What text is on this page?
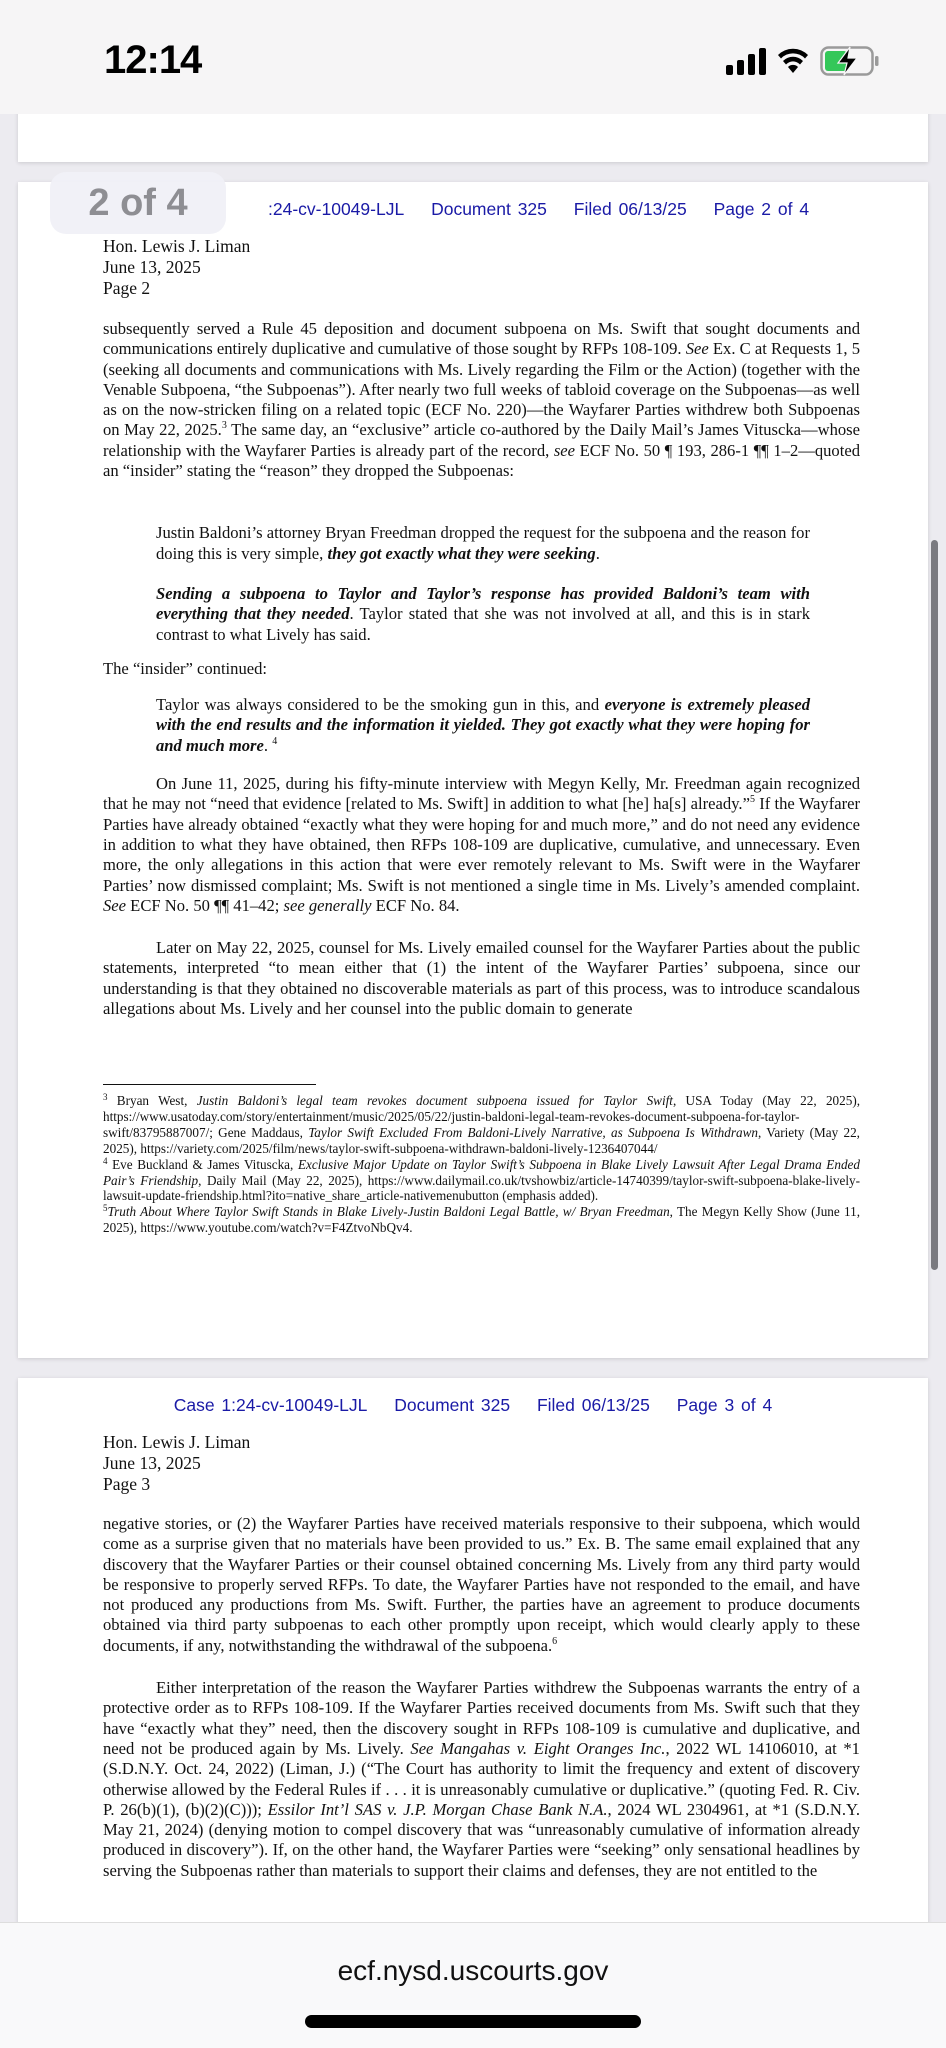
12:14
:24-cv-10049-LJL Document 325 Filed 06/13/25 Page 2 of 4
Hon. Lewis J. Liman
June 13, 2025
Page 2

subsequently served a Rule 45 deposition and document subpoena on Ms. Swift that sought documents and communications entirely duplicative and cumulative of those sought by RFPs 108-109. See Ex. C at Requests 1, 5 (seeking all documents and communications with Ms. Lively regarding the Film or the Action) (together with the Venable Subpoena, “the Subpoenas”). After nearly two full weeks of tabloid coverage on the Subpoenas—as well as on the now-stricken filing on a related topic (ECF No. 220)—the Wayfarer Parties withdrew both Subpoenas on May 22, 2025.$^3$ The same day, an “exclusive” article co-authored by the Daily Mail’s James Vituscka—whose relationship with the Wayfarer Parties is already part of the record, see ECF No. 50 ¶ 193, 286-1 ¶¶ 1–2—quoted an “insider” stating the “reason” they dropped the Subpoenas:

Justin Baldoni’s attorney Bryan Freedman dropped the request for the subpoena and the reason for doing this is very simple, they got exactly what they were seeking.

Sending a subpoena to Taylor and Taylor’s response has provided Baldoni’s team with everything that they needed. Taylor stated that she was not involved at all, and this is in stark contrast to what Lively has said.

The “insider” continued:

Taylor was always considered to be the smoking gun in this, and everyone is extremely pleased with the end results and the information it yielded. They got exactly what they were hoping for and much more. $^4$

On June 11, 2025, during his fifty-minute interview with Megyn Kelly, Mr. Freedman again recognized that he may not “need that evidence [related to Ms. Swift] in addition to what [he] ha[s] already.”$^5$ If the Wayfarer Parties have already obtained “exactly what they were hoping for and much more,” and do not need any evidence in addition to what they have obtained, then RFPs 108-109 are duplicative, cumulative, and unnecessary. Even more, the only allegations in this action that were ever remotely relevant to Ms. Swift were in the Wayfarer Parties’ now dismissed complaint; Ms. Swift is not mentioned a single time in Ms. Lively’s amended complaint. See ECF No. 50 ¶¶ 41–42; see generally ECF No. 84.

Later on May 22, 2025, counsel for Ms. Lively emailed counsel for the Wayfarer Parties about the public statements, interpreted “to mean either that (1) the intent of the Wayfarer Parties’ subpoena, since our understanding is that they obtained no discoverable materials as part of this process, was to introduce scandalous allegations about Ms. Lively and her counsel into the public domain to generate

$^3$ Bryan West, Justin Baldoni’s legal team revokes document subpoena issued for Taylor Swift, USA Today (May 22, 2025), https://www.usatoday.com/story/entertainment/music/2025/05/22/justin-baldoni-legal-team-revokes-document-subpoena-for-taylor-swift/83795887007/; Gene Maddaus, Taylor Swift Excluded From Baldoni-Lively Narrative, as Subpoena Is Withdrawn, Variety (May 22, 2025), https://variety.com/2025/film/news/taylor-swift-subpoena-withdrawn-baldoni-lively-1236407044/
$^4$ Eve Buckland & James Vituscka, Exclusive Major Update on Taylor Swift’s Subpoena in Blake Lively Lawsuit After Legal Drama Ended Pair’s Friendship, Daily Mail (May 22, 2025), https://www.dailymail.co.uk/tvshowbiz/article-14740399/taylor-swift-subpoena-blake-lively-lawsuit-update-friendship.html?ito=native_share_article-nativemenubutton (emphasis added).
$^5$Truth About Where Taylor Swift Stands in Blake Lively-Justin Baldoni Legal Battle, w/ Bryan Freedman, The Megyn Kelly Show (June 11, 2025), https://www.youtube.com/watch?v=F4ZtvoNbQv4.
Case 1:24-cv-10049-LJL Document 325 Filed 06/13/25 Page 3 of 4
Hon. Lewis J. Liman
June 13, 2025
Page 3

negative stories, or (2) the Wayfarer Parties have received materials responsive to their subpoena, which would come as a surprise given that no materials have been provided to us.” Ex. B. The same email explained that any discovery that the Wayfarer Parties or their counsel obtained concerning Ms. Lively from any third party would be responsive to properly served RFPs. To date, the Wayfarer Parties have not responded to the email, and have not produced any productions from Ms. Swift. Further, the parties have an agreement to produce documents obtained via third party subpoenas to each other promptly upon receipt, which would clearly apply to these documents, if any, notwithstanding the withdrawal of the subpoena.$^6$

Either interpretation of the reason the Wayfarer Parties withdrew the Subpoenas warrants the entry of a protective order as to RFPs 108-109. If the Wayfarer Parties received documents from Ms. Swift such that they have “exactly what they” need, then the discovery sought in RFPs 108-109 is cumulative and duplicative, and need not be produced again by Ms. Lively. See Mangahas v. Eight Oranges Inc., 2022 WL 14106010, at *1 (S.D.N.Y. Oct. 24, 2022) (Liman, J.) (“The Court has authority to limit the frequency and extent of discovery otherwise allowed by the Federal Rules if . . . it is unreasonably cumulative or duplicative.” (quoting Fed. R. Civ. P. 26(b)(1), (b)(2)(C))); Essilor Int’l SAS v. J.P. Morgan Chase Bank N.A., 2024 WL 2304961, at *1 (S.D.N.Y. May 21, 2024) (denying motion to compel discovery that was “unreasonably cumulative of information already produced in discovery”). If, on the other hand, the Wayfarer Parties were “seeking” only sensational headlines by serving the Subpoenas rather than materials to support their claims and defenses, they are not entitled to the

2 of 4
ecf.nysd.uscourts.gov
